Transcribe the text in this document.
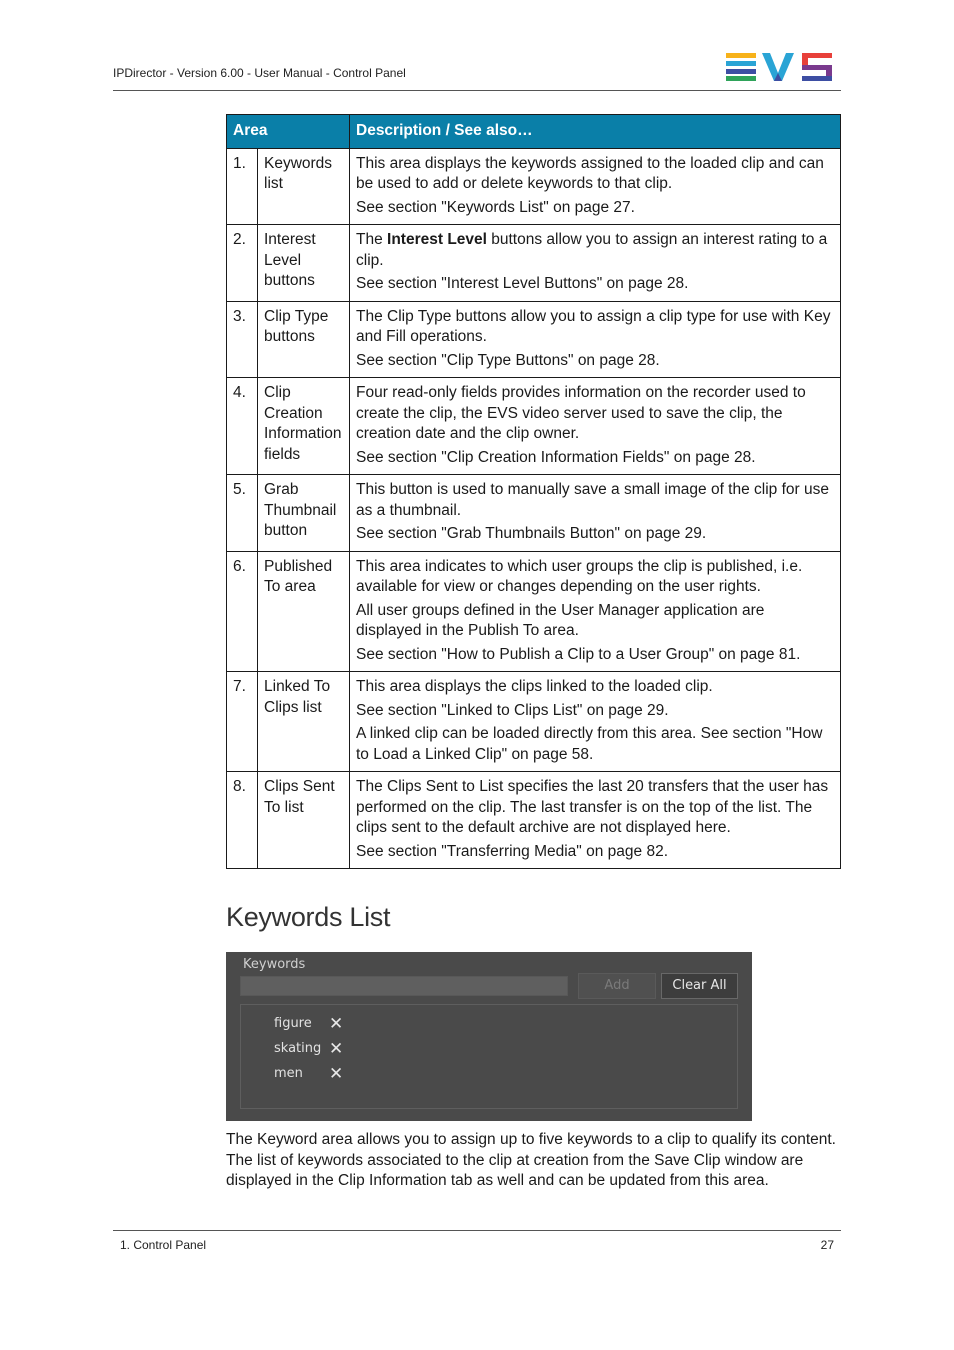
IPDirector - Version 6.00 - User Manual - Control Panel
Area		Description / See also…
1.	Keywords list	This area displays the keywords assigned to the loaded clip and can be used to add or delete keywords to that clip.

See section "Keywords List" on page 27.

2.	Interest Level buttons	The Interest Level buttons allow you to assign an interest rating to a clip.

See section "Interest Level Buttons" on page 28.

3.	Clip Type buttons	The Clip Type buttons allow you to assign a clip type for use with Key and Fill operations.

See section "Clip Type Buttons" on page 28.

4.	Clip Creation Information fields	Four read-only fields provides information on the recorder used to create the clip, the EVS video server used to save the clip, the creation date and the clip owner.

See section "Clip Creation Information Fields" on page 28.

5.	Grab Thumbnail button	This button is used to manually save a small image of the clip for use as a thumbnail.

See section "Grab Thumbnails Button" on page 29.

6.	Published To area	This area indicates to which user groups the clip is published, i.e. available for view or changes depending on the user rights.

All user groups defined in the User Manager application are displayed in the Publish To area.

See section "How to Publish a Clip to a User Group" on page 81.

7.	Linked To Clips list	This area displays the clips linked to the loaded clip.

See section "Linked to Clips List" on page 29.

A linked clip can be loaded directly from this area. See section "How to Load a Linked Clip" on page 58.

8.	Clips Sent To list	The Clips Sent to List specifies the last 20 transfers that the user has performed on the clip. The last transfer is on the top of the list. The clips sent to the default archive are not displayed here.

See section "Transferring Media" on page 82.

Keywords List
Keywords
Add	Clear All
figure ✕
skating ✕
men ✕

The Keyword area allows you to assign up to five keywords to a clip to qualify its content. The list of keywords associated to the clip at creation from the Save Clip window are displayed in the Clip Information tab as well and can be updated from this area.

1. Control Panel	27
